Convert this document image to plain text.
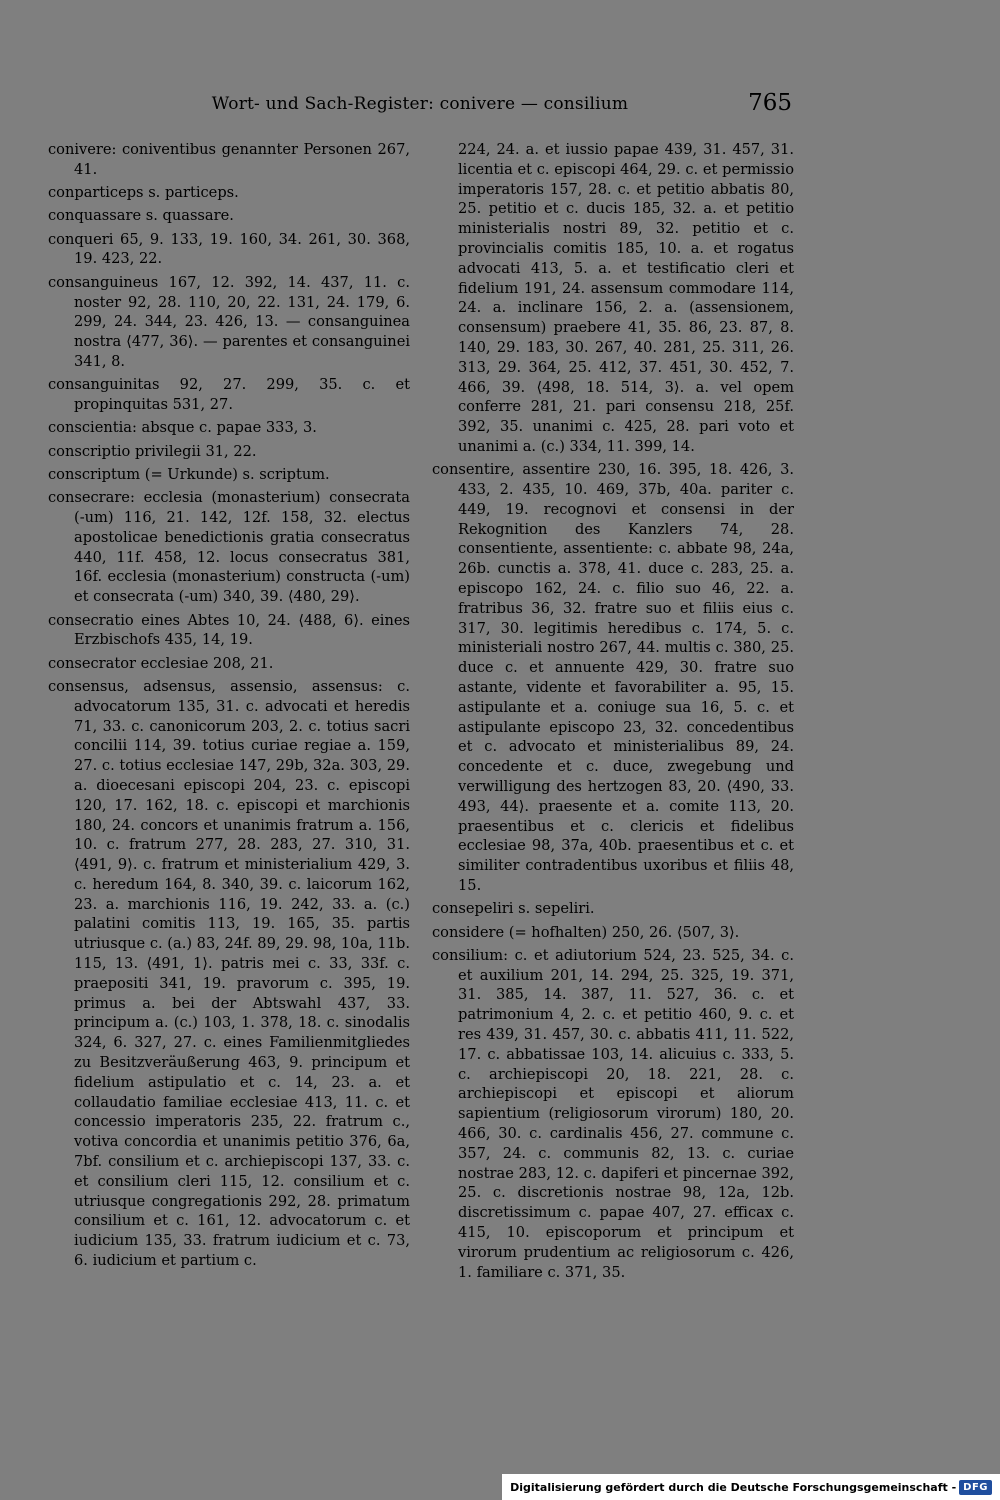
Wort- und Sach-Register: conivere — consilium	765

conivere: coniventibus genannter Personen 267, 41.

conparticeps s. particeps.

conquassare s. quassare.

conqueri 65, 9. 133, 19. 160, 34. 261, 30. 368, 19. 423, 22.

consanguineus 167, 12. 392, 14. 437, 11. c. noster 92, 28. 110, 20, 22. 131, 24. 179, 6. 299, 24. 344, 23. 426, 13. — consanguinea nostra ⟨477, 36⟩. — parentes et consanguinei 341, 8.

consanguinitas 92, 27. 299, 35. c. et propinquitas 531, 27.

conscientia: absque c. papae 333, 3.

conscriptio privilegii 31, 22.

conscriptum (= Urkunde) s. scriptum.

consecrare: ecclesia (monasterium) consecrata (-um) 116, 21. 142, 12f. 158, 32. electus apostolicae benedictionis gratia consecratus 440, 11f. 458, 12. locus consecratus 381, 16f. ecclesia (monasterium) constructa (-um) et consecrata (-um) 340, 39. ⟨480, 29⟩.

consecratio eines Abtes 10, 24. ⟨488, 6⟩. eines Erzbischofs 435, 14, 19.

consecrator ecclesiae 208, 21.

consensus, adsensus, assensio, assensus: c. advocatorum 135, 31. c. advocati et heredis 71, 33. c. canonicorum 203, 2. c. totius sacri concilii 114, 39. totius curiae regiae a. 159, 27. c. totius ecclesiae 147, 29b, 32a. 303, 29. a. dioecesani episcopi 204, 23. c. episcopi 120, 17. 162, 18. c. episcopi et marchionis 180, 24. concors et unanimis fratrum a. 156, 10. c. fratrum 277, 28. 283, 27. 310, 31. ⟨491, 9⟩. c. fratrum et ministerialium 429, 3. c. heredum 164, 8. 340, 39. c. laicorum 162, 23. a. marchionis 116, 19. 242, 33. a. (c.) palatini comitis 113, 19. 165, 35. partis utriusque c. (a.) 83, 24f. 89, 29. 98, 10a, 11b. 115, 13. ⟨491, 1⟩. patris mei c. 33, 33f. c. praepositi 341, 19. pravorum c. 395, 19. primus a. bei der Abtswahl 437, 33. principum a. (c.) 103, 1. 378, 18. c. sinodalis 324, 6. 327, 27. c. eines Familienmitgliedes zu Besitzveräußerung 463, 9. principum et fidelium astipulatio et c. 14, 23. a. et collaudatio familiae ecclesiae 413, 11. c. et concessio imperatoris 235, 22. fratrum c., votiva concordia et unanimis petitio 376, 6a, 7bf. consilium et c. archiepiscopi 137, 33. c. et consilium cleri 115, 12. consilium et c. utriusque congregationis 292, 28. primatum consilium et c. 161, 12. advocatorum c. et iudicium 135, 33. fratrum iudicium et c. 73, 6. iudicium et partium c.

224, 24. a. et iussio papae 439, 31. 457, 31. licentia et c. episcopi 464, 29. c. et permissio imperatoris 157, 28. c. et petitio abbatis 80, 25. petitio et c. ducis 185, 32. a. et petitio ministerialis nostri 89, 32. petitio et c. provincialis comitis 185, 10. a. et rogatus advocati 413, 5. a. et testificatio cleri et fidelium 191, 24. assensum commodare 114, 24. a. inclinare 156, 2. a. (assensionem, consensum) praebere 41, 35. 86, 23. 87, 8. 140, 29. 183, 30. 267, 40. 281, 25. 311, 26. 313, 29. 364, 25. 412, 37. 451, 30. 452, 7. 466, 39. ⟨498, 18. 514, 3⟩. a. vel opem conferre 281, 21. pari consensu 218, 25f. 392, 35. unanimi c. 425, 28. pari voto et unanimi a. (c.) 334, 11. 399, 14.

consentire, assentire 230, 16. 395, 18. 426, 3. 433, 2. 435, 10. 469, 37b, 40a. pariter c. 449, 19. recognovi et consensi in der Rekognition des Kanzlers 74, 28. consentiente, assentiente: c. abbate 98, 24a, 26b. cunctis a. 378, 41. duce c. 283, 25. a. episcopo 162, 24. c. filio suo 46, 22. a. fratribus 36, 32. fratre suo et filiis eius c. 317, 30. legitimis heredibus c. 174, 5. c. ministeriali nostro 267, 44. multis c. 380, 25. duce c. et annuente 429, 30. fratre suo astante, vidente et favorabiliter a. 95, 15. astipulante et a. coniuge sua 16, 5. c. et astipulante episcopo 23, 32. concedentibus et c. advocato et ministerialibus 89, 24. concedente et c. duce, zwegebung und verwilligung des hertzogen 83, 20. ⟨490, 33. 493, 44⟩. praesente et a. comite 113, 20. praesentibus et c. clericis et fidelibus ecclesiae 98, 37a, 40b. praesentibus et c. et similiter contradentibus uxoribus et filiis 48, 15.

consepeliri s. sepeliri.

considere (= hofhalten) 250, 26. ⟨507, 3⟩.

consilium: c. et adiutorium 524, 23. 525, 34. c. et auxilium 201, 14. 294, 25. 325, 19. 371, 31. 385, 14. 387, 11. 527, 36. c. et patrimonium 4, 2. c. et petitio 460, 9. c. et res 439, 31. 457, 30. c. abbatis 411, 11. 522, 17. c. abbatissae 103, 14. alicuius c. 333, 5. c. archiepiscopi 20, 18. 221, 28. c. archiepiscopi et episcopi et aliorum sapientium (religiosorum virorum) 180, 20. 466, 30. c. cardinalis 456, 27. commune c. 357, 24. c. communis 82, 13. c. curiae nostrae 283, 12. c. dapiferi et pincernae 392, 25. c. discretionis nostrae 98, 12a, 12b. discretissimum c. papae 407, 27. efficax c. 415, 10. episcoporum et principum et virorum prudentium ac religiosorum c. 426, 1. familiare c. 371, 35.

Digitalisierung gefördert durch die Deutsche Forschungsgemeinschaft - DFG
